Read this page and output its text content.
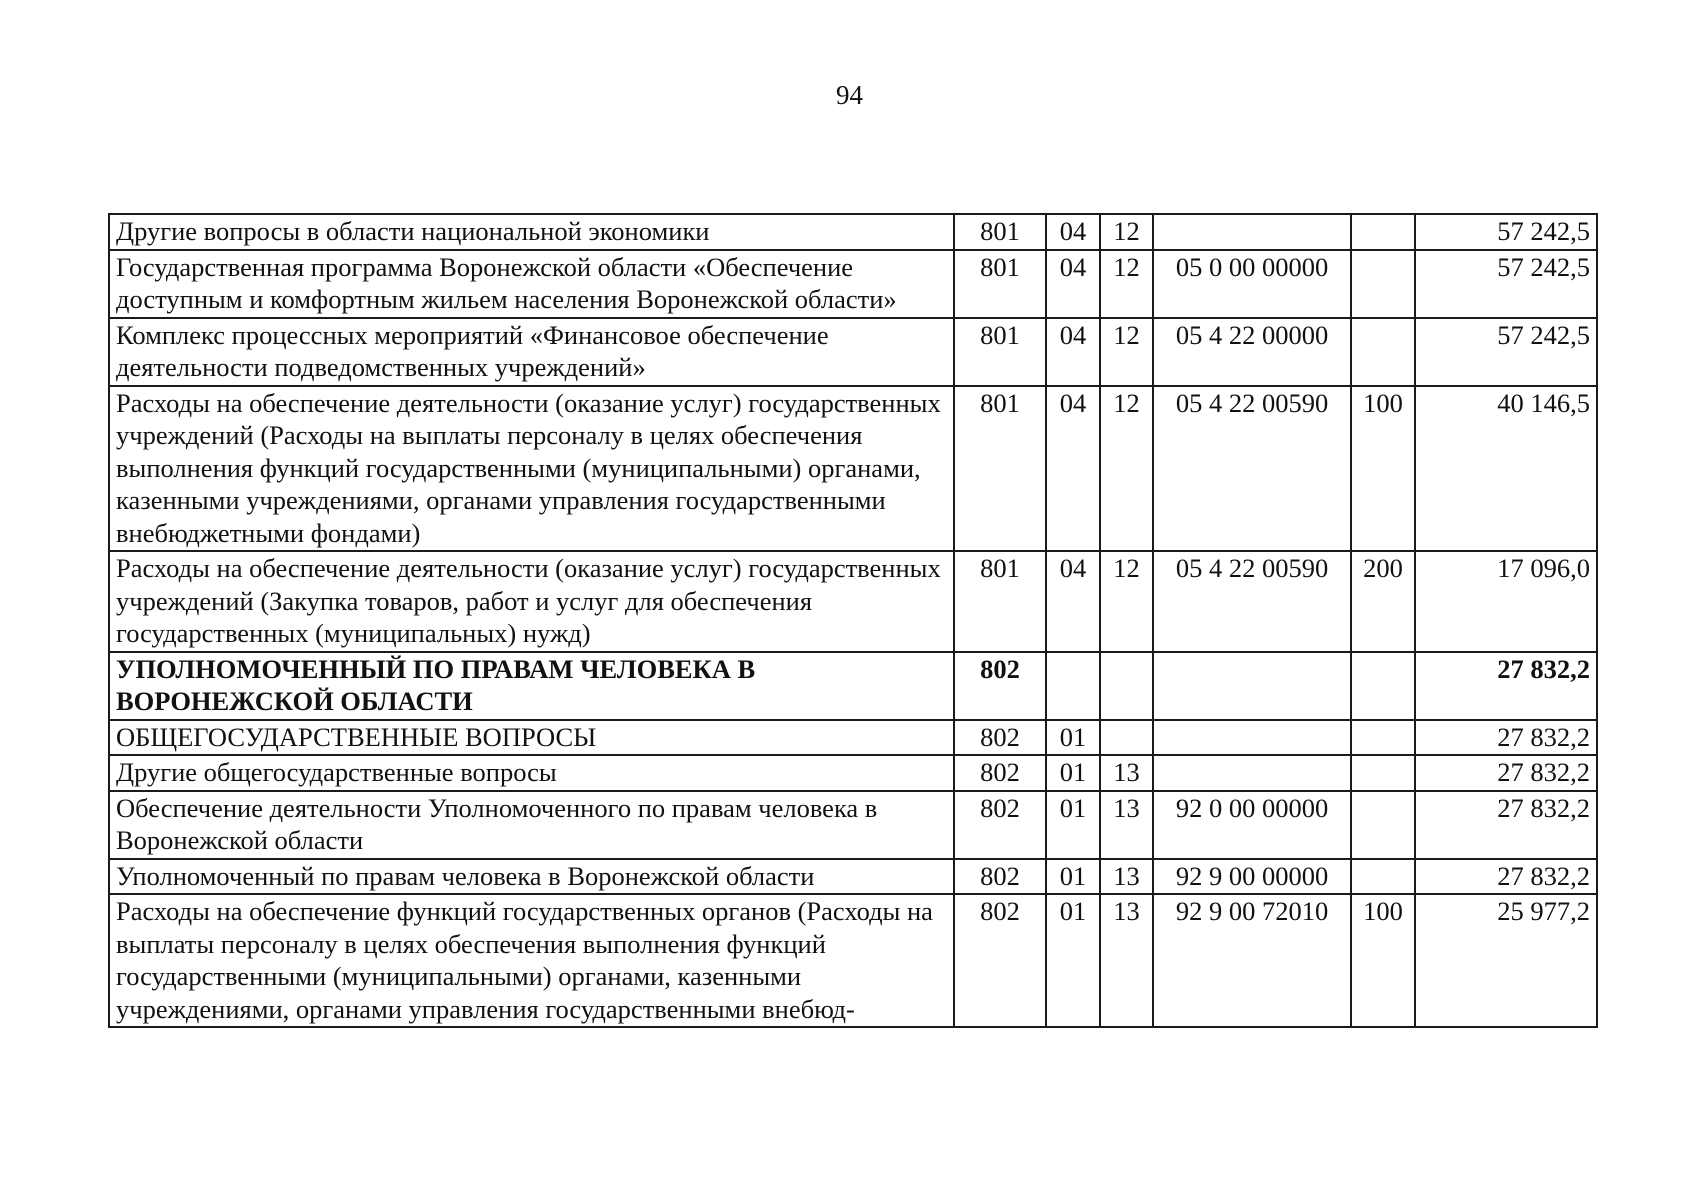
94
Другие вопросы в области национальной экономики	801	04	12			57 242,5
Государственная программа Воронежской области «Обеспечение доступным и комфортным жильем населения Воронежской области»	801	04	12	05 0 00 00000		57 242,5
Комплекс процессных мероприятий «Финансовое обеспечение деятельности подведомственных учреждений»	801	04	12	05 4 22 00000		57 242,5
Расходы на обеспечение деятельности (оказание услуг) государственных учреждений (Расходы на выплаты персоналу в целях обеспечения выполнения функций государственными (муниципальными) органами, казенными учреждениями, органами управления государственными внебюджетными фондами)	801	04	12	05 4 22 00590	100	40 146,5
Расходы на обеспечение деятельности (оказание услуг) государственных учреждений (Закупка товаров, работ и услуг для обеспечения государственных (муниципальных) нужд)	801	04	12	05 4 22 00590	200	17 096,0
УПОЛНОМОЧЕННЫЙ ПО ПРАВАМ ЧЕЛОВЕКА В ВОРОНЕЖСКОЙ ОБЛАСТИ	802					27 832,2
ОБЩЕГОСУДАРСТВЕННЫЕ ВОПРОСЫ	802	01				27 832,2
Другие общегосударственные вопросы	802	01	13			27 832,2
Обеспечение деятельности Уполномоченного по правам человека в Воронежской области	802	01	13	92 0 00 00000		27 832,2
Уполномоченный по правам человека в Воронежской области	802	01	13	92 9 00 00000		27 832,2
Расходы на обеспечение функций государственных органов (Расходы на выплаты персоналу в целях обеспечения выполнения функций государственными (муниципальными) органами, казенными учреждениями, органами управления государственными внебюд-	802	01	13	92 9 00 72010	100	25 977,2
